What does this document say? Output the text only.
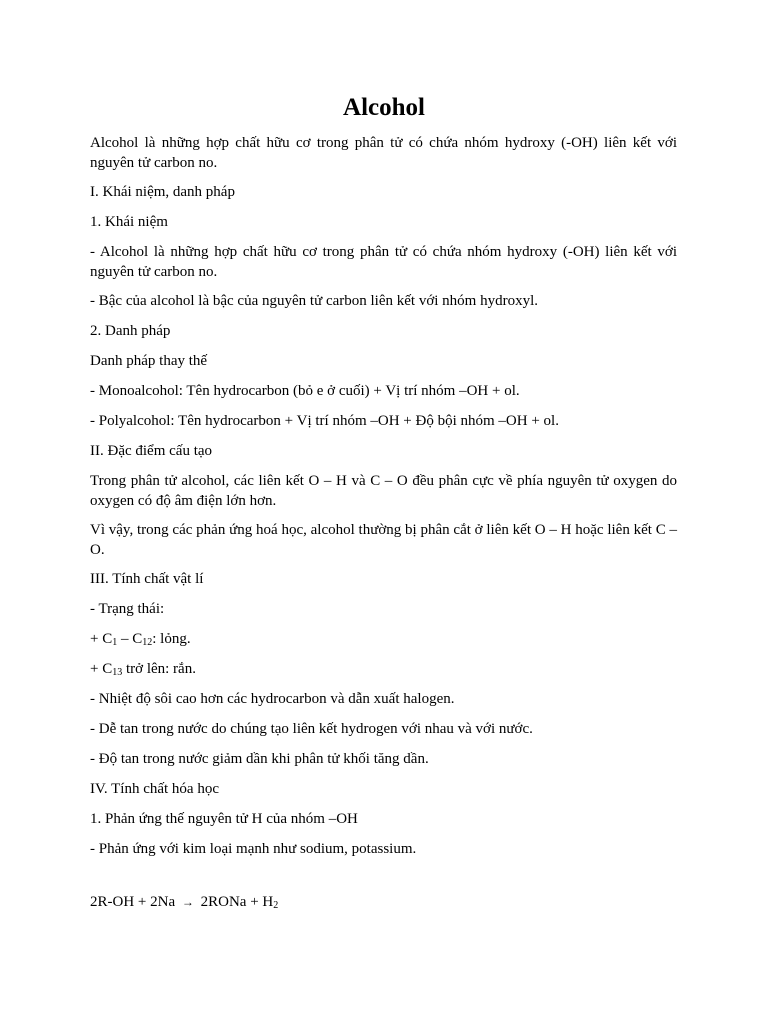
Alcohol

Alcohol là những hợp chất hữu cơ trong phân tử có chứa nhóm hydroxy (-OH) liên kết với nguyên tử carbon no.

I. Khái niệm, danh pháp

1. Khái niệm

- Alcohol là những hợp chất hữu cơ trong phân tử có chứa nhóm hydroxy (-OH) liên kết với nguyên tử carbon no.

- Bậc của alcohol là bậc của nguyên tử carbon liên kết với nhóm hydroxyl.

2. Danh pháp

Danh pháp thay thế

- Monoalcohol: Tên hydrocarbon (bỏ e ở cuối) + Vị trí nhóm –OH + ol.

- Polyalcohol: Tên hydrocarbon + Vị trí nhóm –OH + Độ bội nhóm –OH + ol.

II. Đặc điểm cấu tạo

Trong phân tử alcohol, các liên kết O – H và C – O đều phân cực về phía nguyên tử oxygen do oxygen có độ âm điện lớn hơn.

Vì vậy, trong các phản ứng hoá học, alcohol thường bị phân cắt ở liên kết O – H hoặc liên kết C – O.

III. Tính chất vật lí

- Trạng thái:

+ $C_1 - C_{12}$: lỏng.

+ $C_{13}$ trở lên: rắn.

- Nhiệt độ sôi cao hơn các hydrocarbon và dẫn xuất halogen.

- Dễ tan trong nước do chúng tạo liên kết hydrogen với nhau và với nước.

- Độ tan trong nước giảm dần khi phân tử khối tăng dần.

IV. Tính chất hóa học

1. Phản ứng thế nguyên tử H của nhóm –OH

- Phản ứng với kim loại mạnh như sodium, potassium.

2R-OH + 2Na → 2RONa + $H_2$
